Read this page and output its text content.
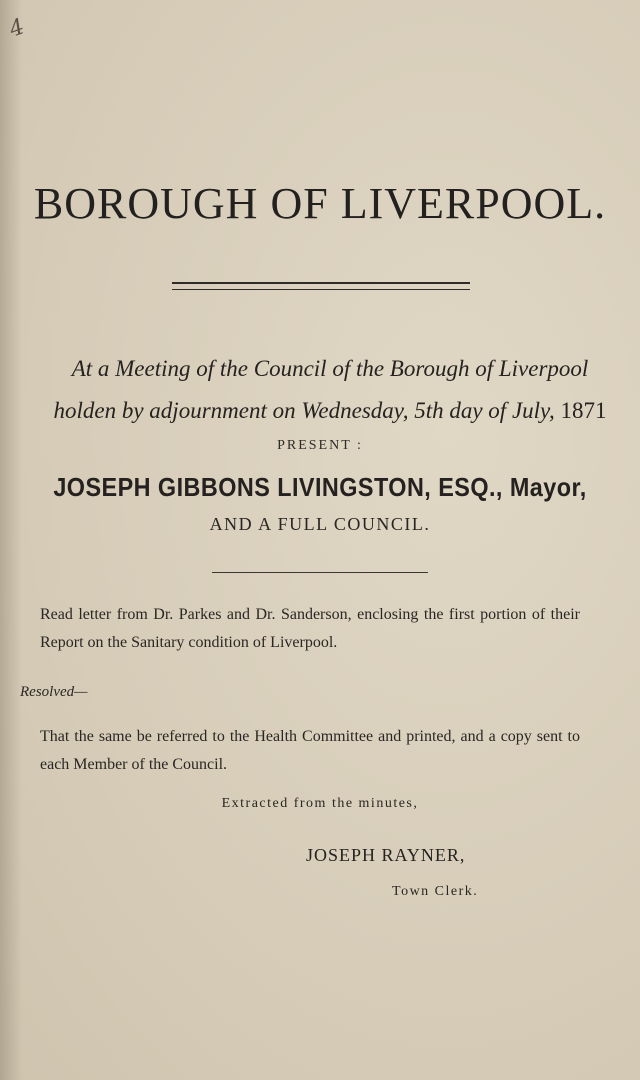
4
BOROUGH OF LIVERPOOL.
At a Meeting of the Council of the Borough of Liverpool
holden by adjournment on Wednesday, 5th day of July, 1871
PRESENT :
JOSEPH GIBBONS LIVINGSTON, ESQ., Mayor,
AND A FULL COUNCIL.
Read letter from Dr. Parkes and Dr. Sanderson, enclosing the first portion of their Report on the Sanitary condition of Liverpool.
Resolved—
That the same be referred to the Health Committee and printed, and a copy sent to each Member of the Council.
Extracted from the minutes,
JOSEPH RAYNER,
Town Clerk.
